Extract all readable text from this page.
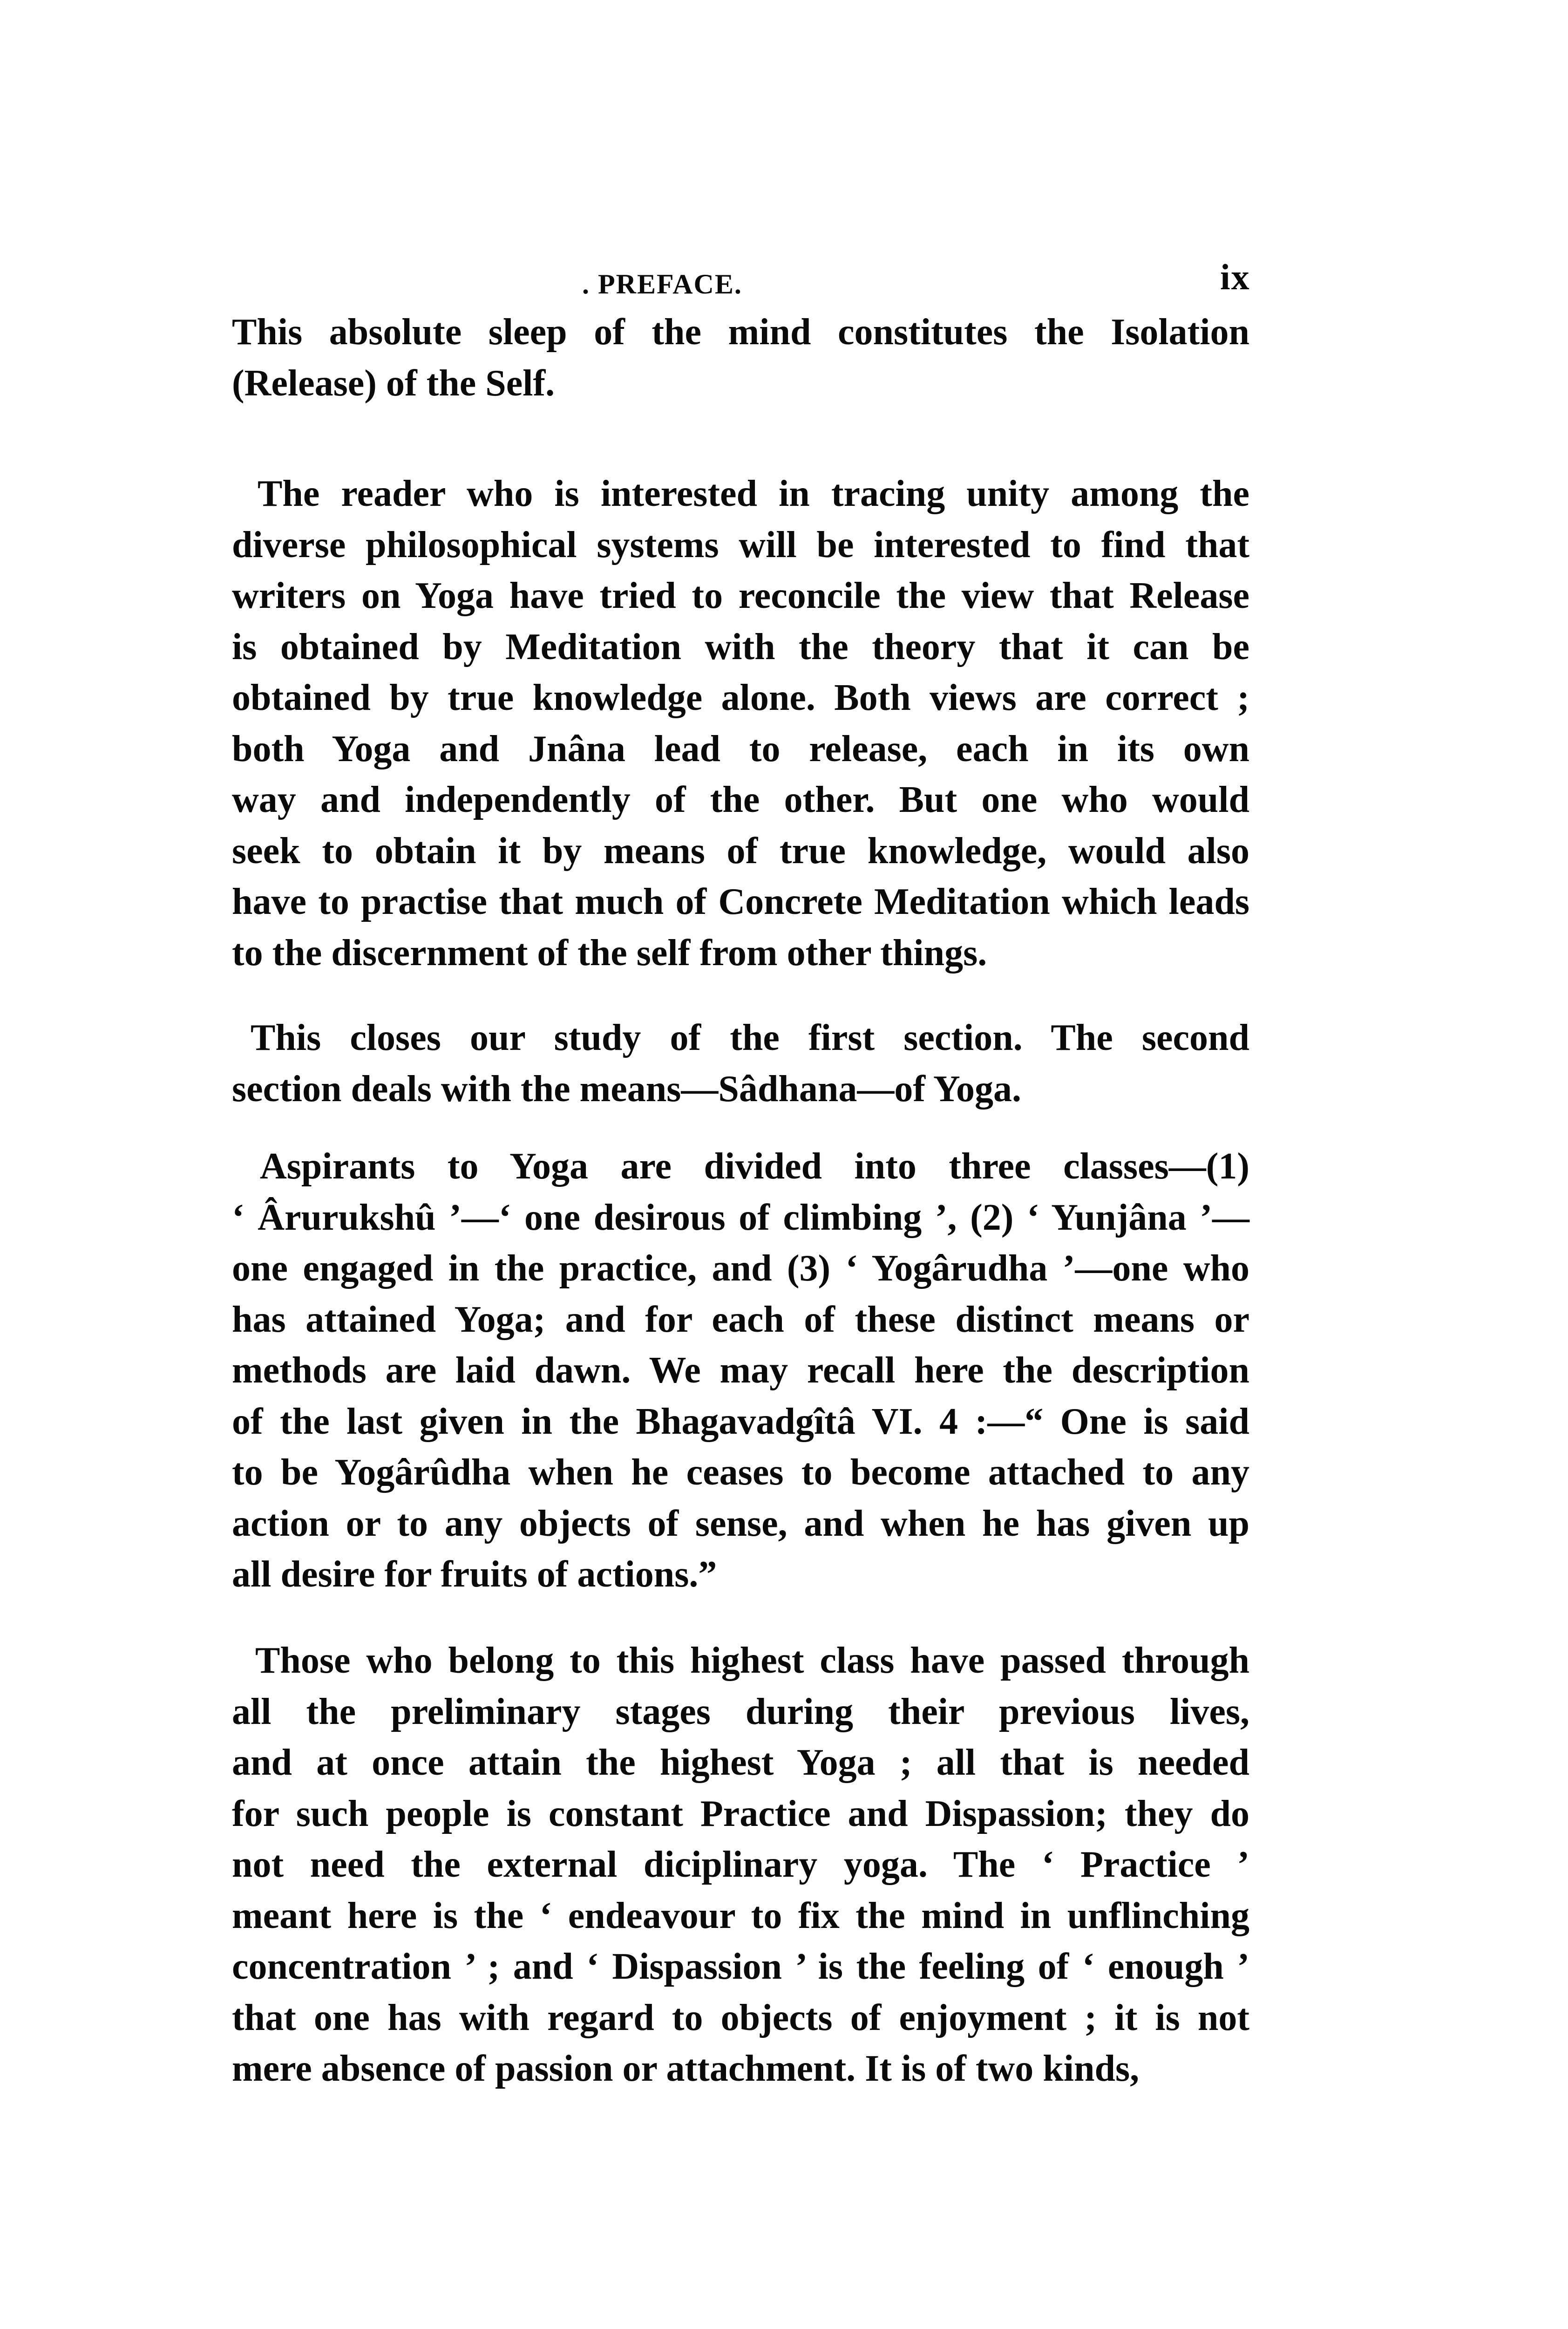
. PREFACE.	ix
This absolute sleep of the mind constitutes the Isolation
(Release) of the Self.
The reader who is interested in tracing unity among the
diverse philosophical systems will be interested to find that
writers on Yoga have tried to reconcile the view that Release
is obtained by Meditation with the theory that it can be
obtained by true knowledge alone. Both views are correct ;
both Yoga and Jnâna lead to release, each in its own
way and independently of the other. But one who would
seek to obtain it by means of true knowledge, would also
have to practise that much of Concrete Meditation which leads
to the discernment of the self from other things.
This closes our study of the first section. The second
section deals with the means—Sâdhana—of Yoga.
Aspirants to Yoga are divided into three classes—(1)
‘ Ârurukshû ’—‘ one desirous of climbing ’, (2) ‘ Yunjâna ’—
one engaged in the practice, and (3) ‘ Yogârudha ’—one who
has attained Yoga; and for each of these distinct means or
methods are laid dawn. We may recall here the description
of the last given in the Bhagavadgîtâ VI. 4 :—“ One is said
to be Yogârûdha when he ceases to become attached to any
action or to any objects of sense, and when he has given up
all desire for fruits of actions.”
Those who belong to this highest class have passed through
all the preliminary stages during their previous lives,
and at once attain the highest Yoga ; all that is needed
for such people is constant Practice and Dispassion; they do
not need the external diciplinary yoga. The ‘ Practice ’
meant here is the ‘ endeavour to fix the mind in unflinching
concentration ’ ; and ‘ Dispassion ’ is the feeling of ‘ enough ’
that one has with regard to objects of enjoyment ; it is not
mere absence of passion or attachment. It is of two kinds,
